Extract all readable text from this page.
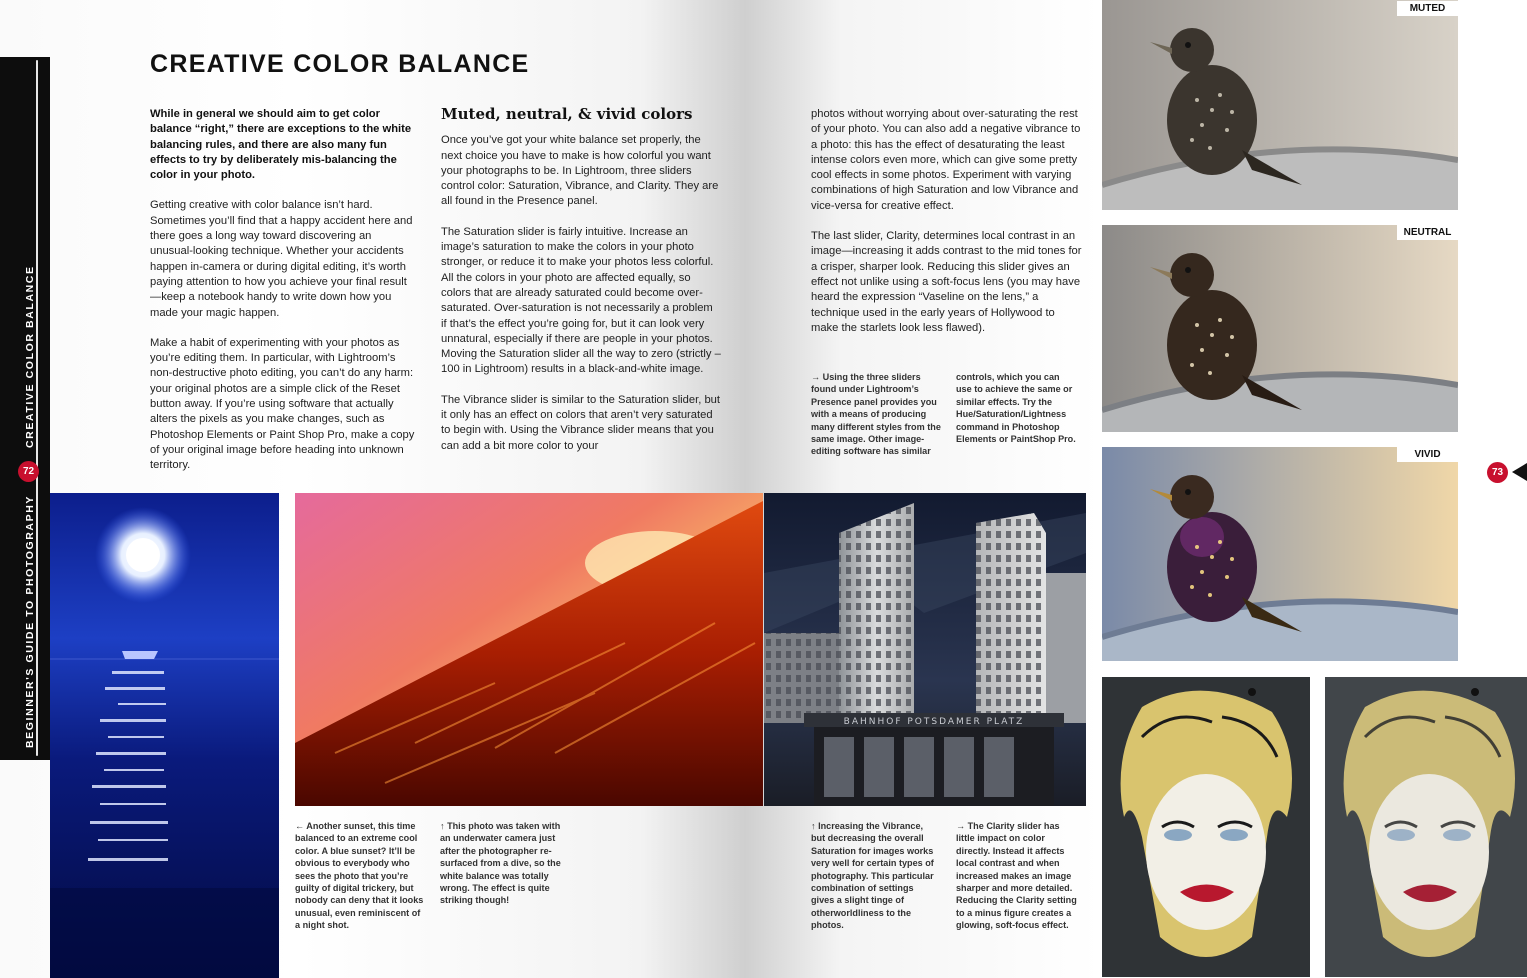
CREATIVE COLOR BALANCE
BEGINNER'S GUIDE TO PHOTOGRAPHY
72	73
CREATIVE COLOR BALANCE

While in general we should aim to get color balance “right,” there are exceptions to the white balancing rules, and there are also many fun effects to try by deliberately mis-balancing the color in your photo.

Getting creative with color balance isn’t hard. Sometimes you’ll find that a happy accident here and there goes a long way toward discovering an unusual-looking technique. Whether your accidents happen in-camera or during digital editing, it’s worth paying attention to how you achieve your final result—keep a notebook handy to write down how you made your magic happen.

Make a habit of experimenting with your photos as you’re editing them. In particular, with Lightroom’s non-destructive photo editing, you can’t do any harm: your original photos are a simple click of the Reset button away. If you’re using software that actually alters the pixels as you make changes, such as Photoshop Elements or Paint Shop Pro, make a copy of your original image before heading into unknown territory.

Muted, neutral, & vivid colors

Once you’ve got your white balance set properly, the next choice you have to make is how colorful you want your photographs to be. In Lightroom, three sliders control color: Saturation, Vibrance, and Clarity. They are all found in the Presence panel.

The Saturation slider is fairly intuitive. Increase an image’s saturation to make the colors in your photo stronger, or reduce it to make your photos less colorful. All the colors in your photo are affected equally, so colors that are already saturated could become over-saturated. Over-saturation is not necessarily a problem if that’s the effect you’re going for, but it can look very unnatural, especially if there are people in your photos. Moving the Saturation slider all the way to zero (strictly –100 in Lightroom) results in a black-and-white image.

The Vibrance slider is similar to the Saturation slider, but it only has an effect on colors that aren’t very saturated to begin with. Using the Vibrance slider means that you can add a bit more color to your

photos without worrying about over-saturating the rest of your photo. You can also add a negative vibrance to a photo: this has the effect of desaturating the least intense colors even more, which can give some pretty cool effects in some photos. Experiment with varying combinations of high Saturation and low Vibrance and vice-versa for creative effect.

The last slider, Clarity, determines local contrast in an image—increasing it adds contrast to the mid tones for a crisper, sharper look. Reducing this slider gives an effect not unlike using a soft-focus lens (you may have heard the expression “Vaseline on the lens,” a technique used in the early years of Hollywood to make the starlets look less flawed).

→ Using the three sliders found under Lightroom’s Presence panel provides you with a means of producing many different styles from the same image. Other image-editing software has similar
controls, which you can use to achieve the same or similar effects. Try the Hue/Saturation/Lightness command in Photoshop Elements or PaintShop Pro.
BAHNHOF POTSDAMER PLATZ
← Another sunset, this time balanced to an extreme cool color. A blue sunset? It’ll be obvious to everybody who sees the photo that you’re guilty of digital trickery, but nobody can deny that it looks unusual, even reminiscent of a night shot.
↑ This photo was taken with an underwater camera just after the photographer re-surfaced from a dive, so the white balance was totally wrong. The effect is quite striking though!
↑ Increasing the Vibrance, but decreasing the overall Saturation for images works very well for certain types of photography. This particular combination of settings gives a slight tinge of otherworldliness to the photos.
→ The Clarity slider has little impact on color directly. Instead it affects local contrast and when increased makes an image sharper and more detailed. Reducing the Clarity setting to a minus figure creates a glowing, soft-focus effect.
MUTED
NEUTRAL
VIVID
